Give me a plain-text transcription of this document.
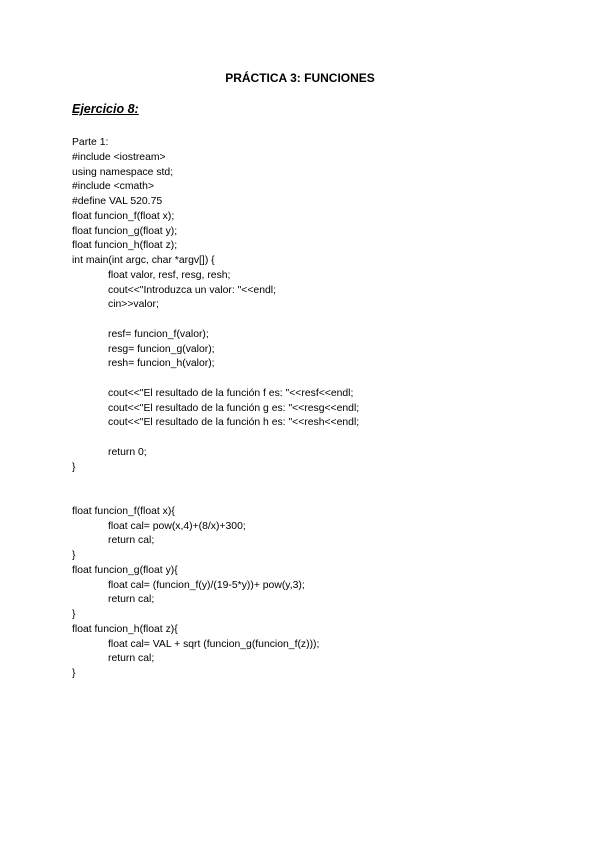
PRÁCTICA 3: FUNCIONES
Ejercicio 8:
Parte 1:
#include <iostream>
using namespace std;
#include <cmath>
#define VAL 520.75
float funcion_f(float x);
float funcion_g(float y);
float funcion_h(float z);
int main(int argc, char *argv[]) {
float valor, resf, resg, resh;
cout<<"Introduzca un valor: "<<endl;
cin>>valor;
resf= funcion_f(valor);
resg= funcion_g(valor);
resh= funcion_h(valor);
cout<<"El resultado de la función f es: "<<resf<<endl;
cout<<"El resultado de la función g es: "<<resg<<endl;
cout<<"El resultado de la función h es: "<<resh<<endl;
return 0;
}
float funcion_f(float x){
float cal= pow(x,4)+(8/x)+300;
return cal;
}
float funcion_g(float y){
float cal= (funcion_f(y)/(19-5*y))+ pow(y,3);
return cal;
}
float funcion_h(float z){
float cal= VAL + sqrt (funcion_g(funcion_f(z)));
return cal;
}
